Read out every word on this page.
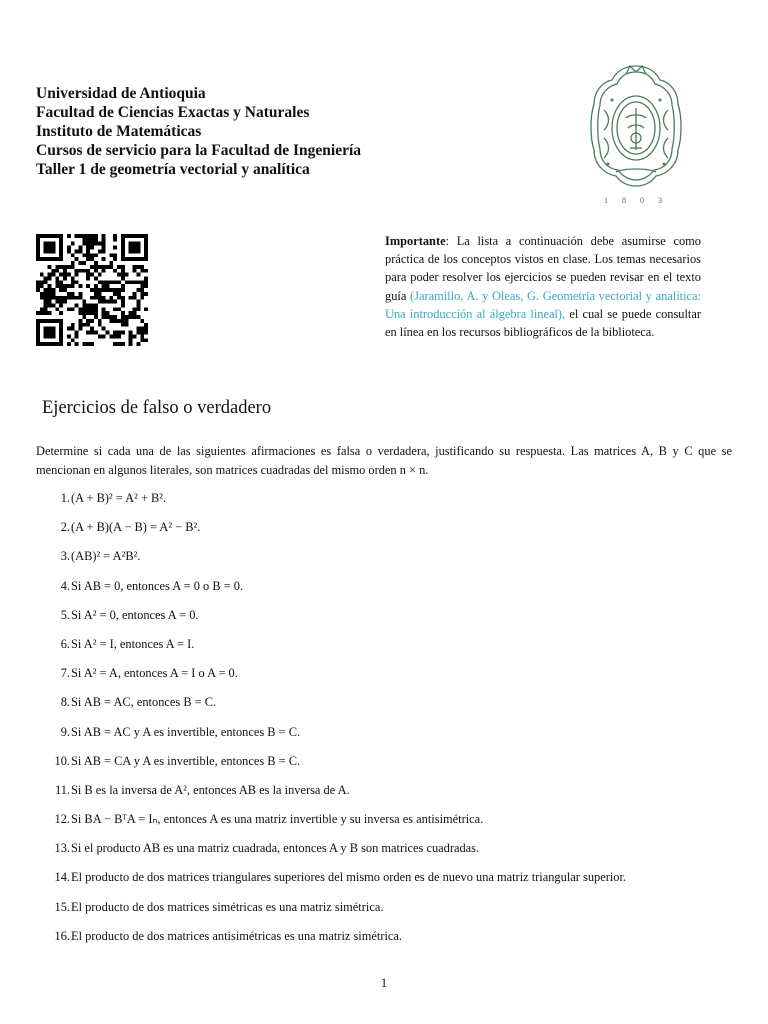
Universidad de Antioquia
Facultad de Ciencias Exactas y Naturales
Instituto de Matemáticas
Cursos de servicio para la Facultad de Ingeniería
Taller 1 de geometría vectorial y analítica
1 8 0 3
Importante: La lista a continuación debe asumirse como práctica de los conceptos vistos en clase. Los temas necesarios para poder resolver los ejercicios se pueden revisar en el texto guía (Jaramillo, A. y Oleas, G. Geometría vectorial y analítica: Una introducción al álgebra lineal), el cual se puede consultar en línea en los recursos bibliográficos de la biblioteca.
Ejercicios de falso o verdadero
Determine si cada una de las siguientes afirmaciones es falsa o verdadera, justificando su respuesta. Las matrices A, B y C que se mencionan en algunos literales, son matrices cuadradas del mismo orden n × n.
1. (A + B)² = A² + B².
2. (A + B)(A − B) = A² − B².
3. (AB)² = A²B².
4. Si AB = 0, entonces A = 0 o B = 0.
5. Si A² = 0, entonces A = 0.
6. Si A² = I, entonces A = I.
7. Si A² = A, entonces A = I o A = 0.
8. Si AB = AC, entonces B = C.
9. Si AB = AC y A es invertible, entonces B = C.
10. Si AB = CA y A es invertible, entonces B = C.
11. Si B es la inversa de A², entonces AB es la inversa de A.
12. Si BA − BᵀA = Iₙ, entonces A es una matriz invertible y su inversa es antisimétrica.
13. Si el producto AB es una matriz cuadrada, entonces A y B son matrices cuadradas.
14. El producto de dos matrices triangulares superiores del mismo orden es de nuevo una matriz triangular superior.
15. El producto de dos matrices simétricas es una matriz simétrica.
16. El producto de dos matrices antisimétricas es una matriz simétrica.
1
